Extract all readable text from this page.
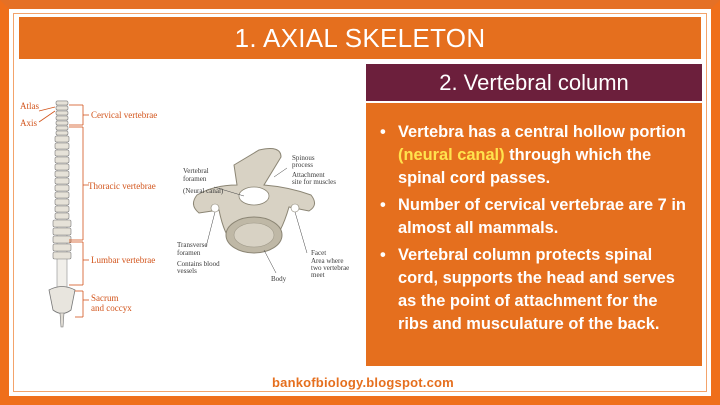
1. AXIAL SKELETON
2. Vertebral column
Atlas
Axis
Cervical vertebrae
Thoracic vertebrae
Lumbar vertebrae
Sacrum
and coccyx
Vertebral
foramen
(Neural canal)
Spinous
process
Attachment
site for muscles
Transverse
foramen
Contains blood
vessels
Facet
Area where
two vertebrae
meet
Body
• Vertebra has a central hollow portion (neural canal) through which the spinal cord passes.
• Number of cervical vertebrae are 7 in almost all mammals.
• Vertebral column protects spinal cord, supports the head and serves as the point of attachment for the ribs and musculature of the back.
bankofbiology.blogspot.com
